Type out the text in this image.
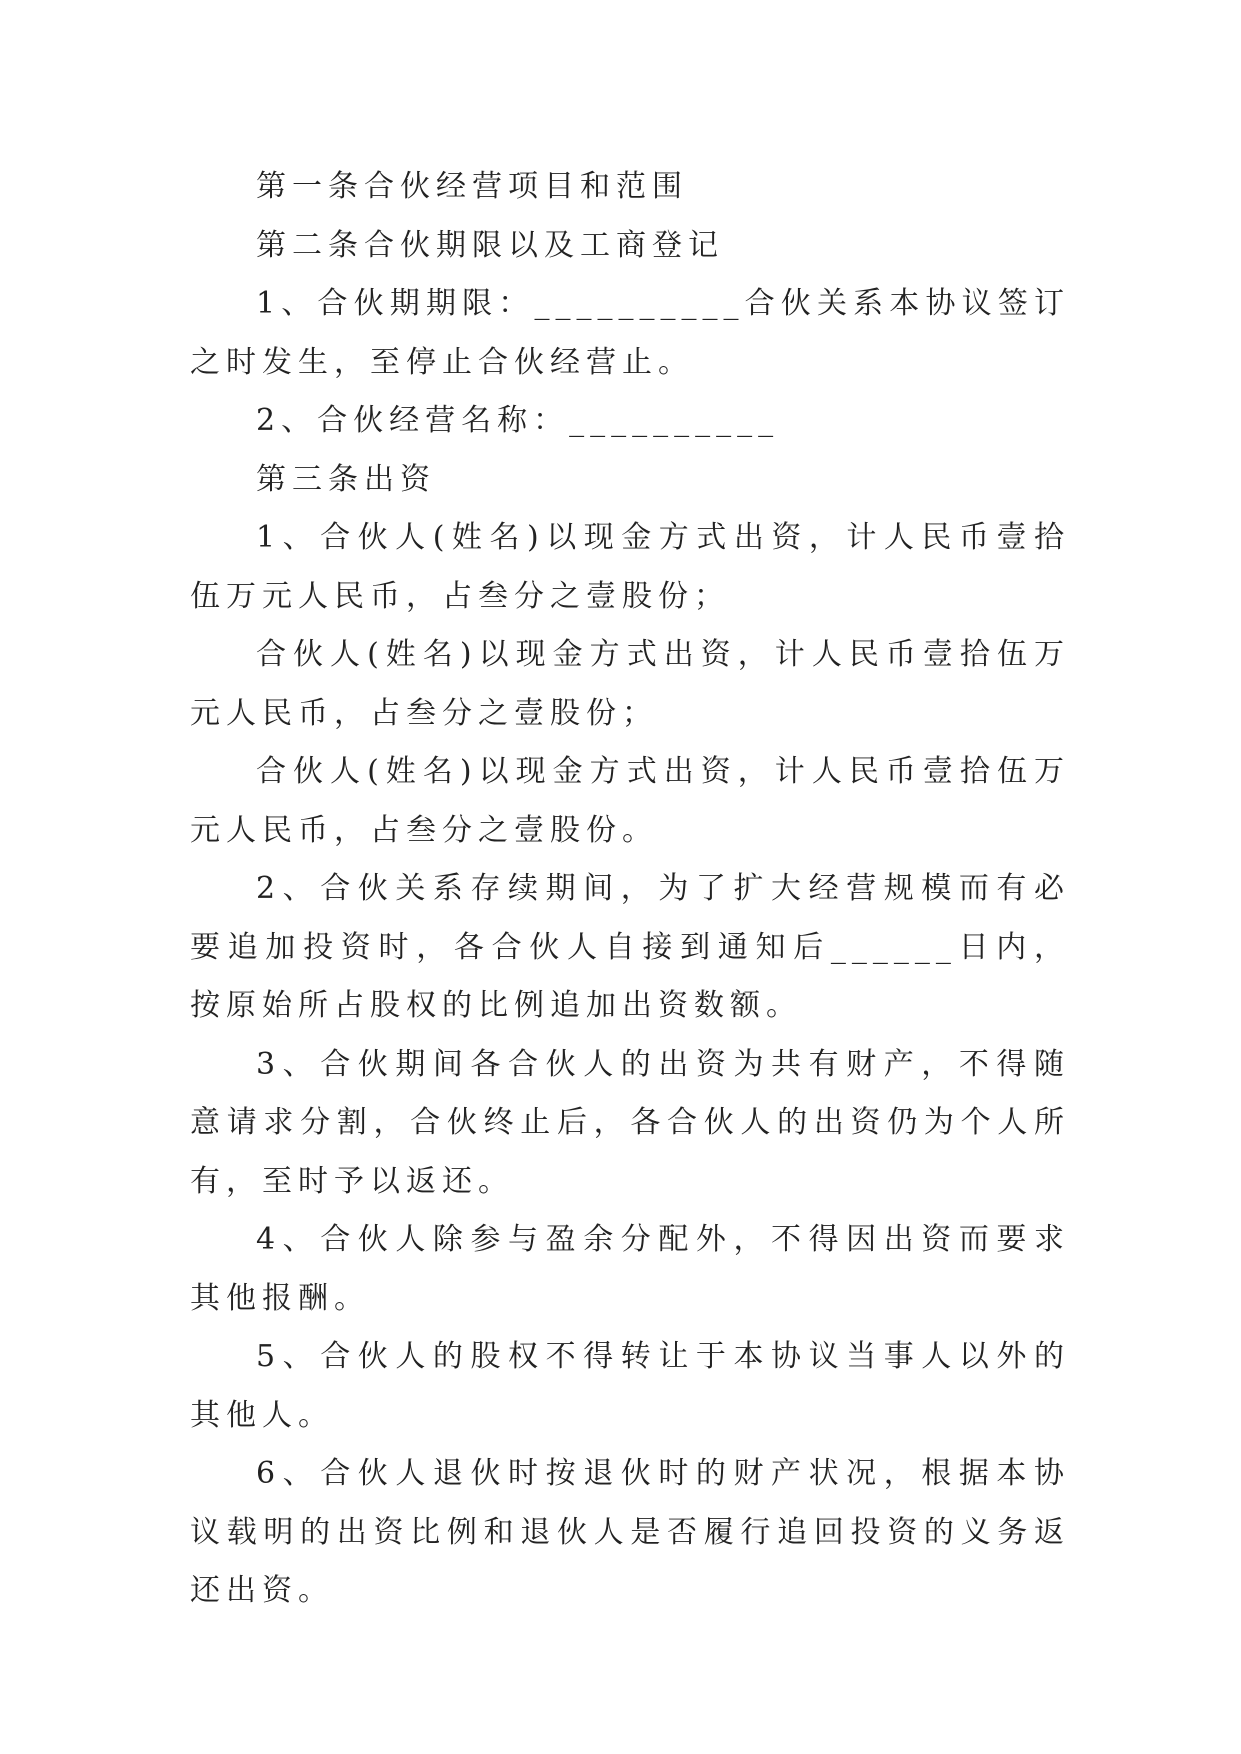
第一条合伙经营项目和范围

第二条合伙期限以及工商登记

1、合伙期期限：__________合伙关系本协议签订之时发生，至停止合伙经营止。

2、合伙经营名称：__________

第三条出资

1、合伙人(姓名)以现金方式出资，计人民币壹拾伍万元人民币，占叁分之壹股份；

合伙人(姓名)以现金方式出资，计人民币壹拾伍万元人民币，占叁分之壹股份；

合伙人(姓名)以现金方式出资，计人民币壹拾伍万元人民币，占叁分之壹股份。

2、合伙关系存续期间，为了扩大经营规模而有必要追加投资时，各合伙人自接到通知后______日内，按原始所占股权的比例追加出资数额。

3、合伙期间各合伙人的出资为共有财产，不得随意请求分割，合伙终止后，各合伙人的出资仍为个人所有，至时予以返还。

4、合伙人除参与盈余分配外，不得因出资而要求其他报酬。

5、合伙人的股权不得转让于本协议当事人以外的其他人。

6、合伙人退伙时按退伙时的财产状况，根据本协议载明的出资比例和退伙人是否履行追回投资的义务返还出资。
